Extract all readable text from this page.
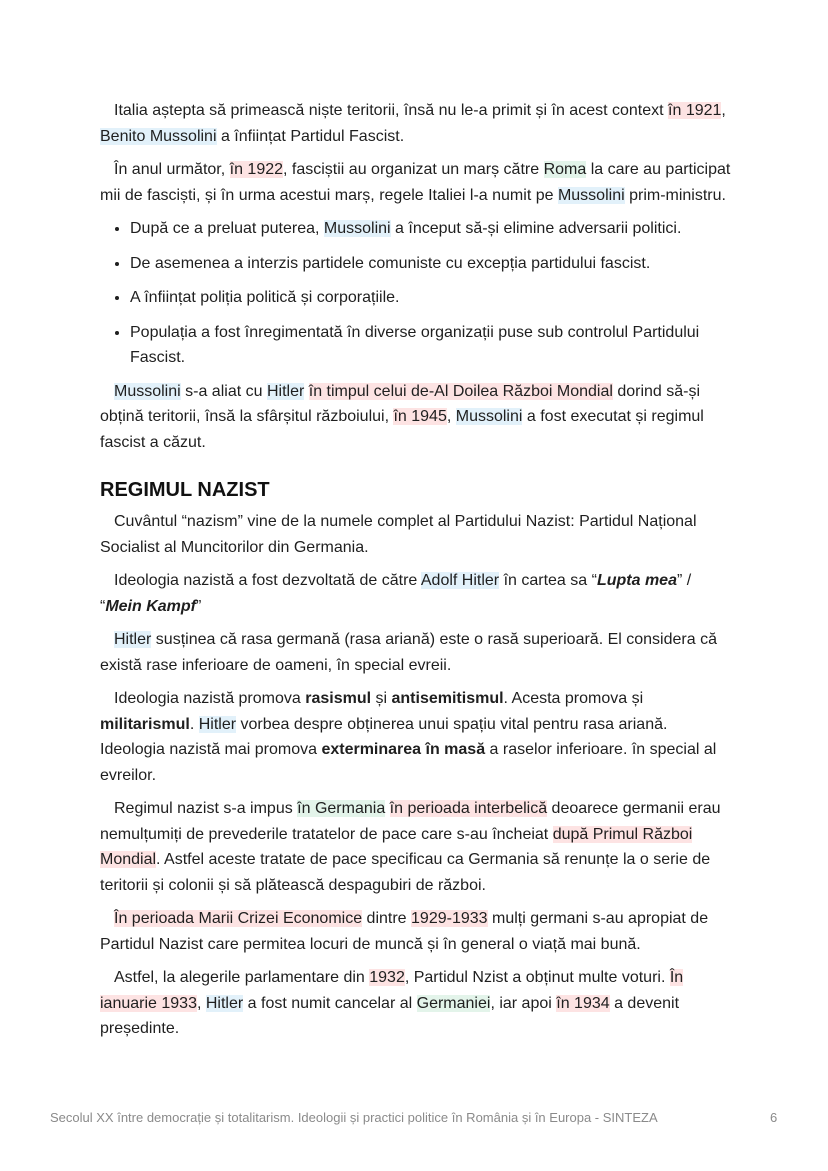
Italia aștepta să primească niște teritorii, însă nu le-a primit și în acest context în 1921, Benito Mussolini a înființat Partidul Fascist.

În anul următor, în 1922, fasciștii au organizat un marș către Roma la care au participat mii de fasciști, și în urma acestui marș, regele Italiei l-a numit pe Mussolini prim-ministru.

• După ce a preluat puterea, Mussolini a început să-și elimine adversarii politici.
• De asemenea a interzis partidele comuniste cu excepția partidului fascist.
• A înființat poliția politică și corporațiile.
• Populația a fost înregimentată în diverse organizații puse sub controlul Partidului Fascist.

Mussolini s-a aliat cu Hitler în timpul celui de-Al Doilea Război Mondial dorind să-și obțină teritorii, însă la sfârșitul războiului, în 1945, Mussolini a fost executat și regimul fascist a căzut.

REGIMUL NAZIST

Cuvântul “nazism” vine de la numele complet al Partidului Nazist: Partidul Național Socialist al Muncitorilor din Germania.

Ideologia nazistă a fost dezvoltată de către Adolf Hitler în cartea sa “Lupta mea” / “Mein Kampf”

Hitler susținea că rasa germană (rasa ariană) este o rasă superioară. El considera că există rase inferioare de oameni, în special evreii.

Ideologia nazistă promova rasismul și antisemitismul. Acesta promova și militarismul. Hitler vorbea despre obținerea unui spațiu vital pentru rasa ariană. Ideologia nazistă mai promova exterminarea în masă a raselor inferioare. în special al evreilor.

Regimul nazist s-a impus în Germania în perioada interbelică deoarece germanii erau nemulțumiți de prevederile tratatelor de pace care s-au încheiat după Primul Război Mondial. Astfel aceste tratate de pace specificau ca Germania să renunțe la o serie de teritorii și colonii și să plătească despagubiri de război.

În perioada Marii Crizei Economice dintre 1929-1933 mulți germani s-au apropiat de Partidul Nazist care permitea locuri de muncă și în general o viață mai bună.

Astfel, la alegerile parlamentare din 1932, Partidul Nzist a obținut multe voturi. În ianuarie 1933, Hitler a fost numit cancelar al Germaniei, iar apoi în 1934 a devenit președinte.

Secolul XX între democrație și totalitarism. Ideologii și practici politice în România și în Europa - SINTEZA	6
